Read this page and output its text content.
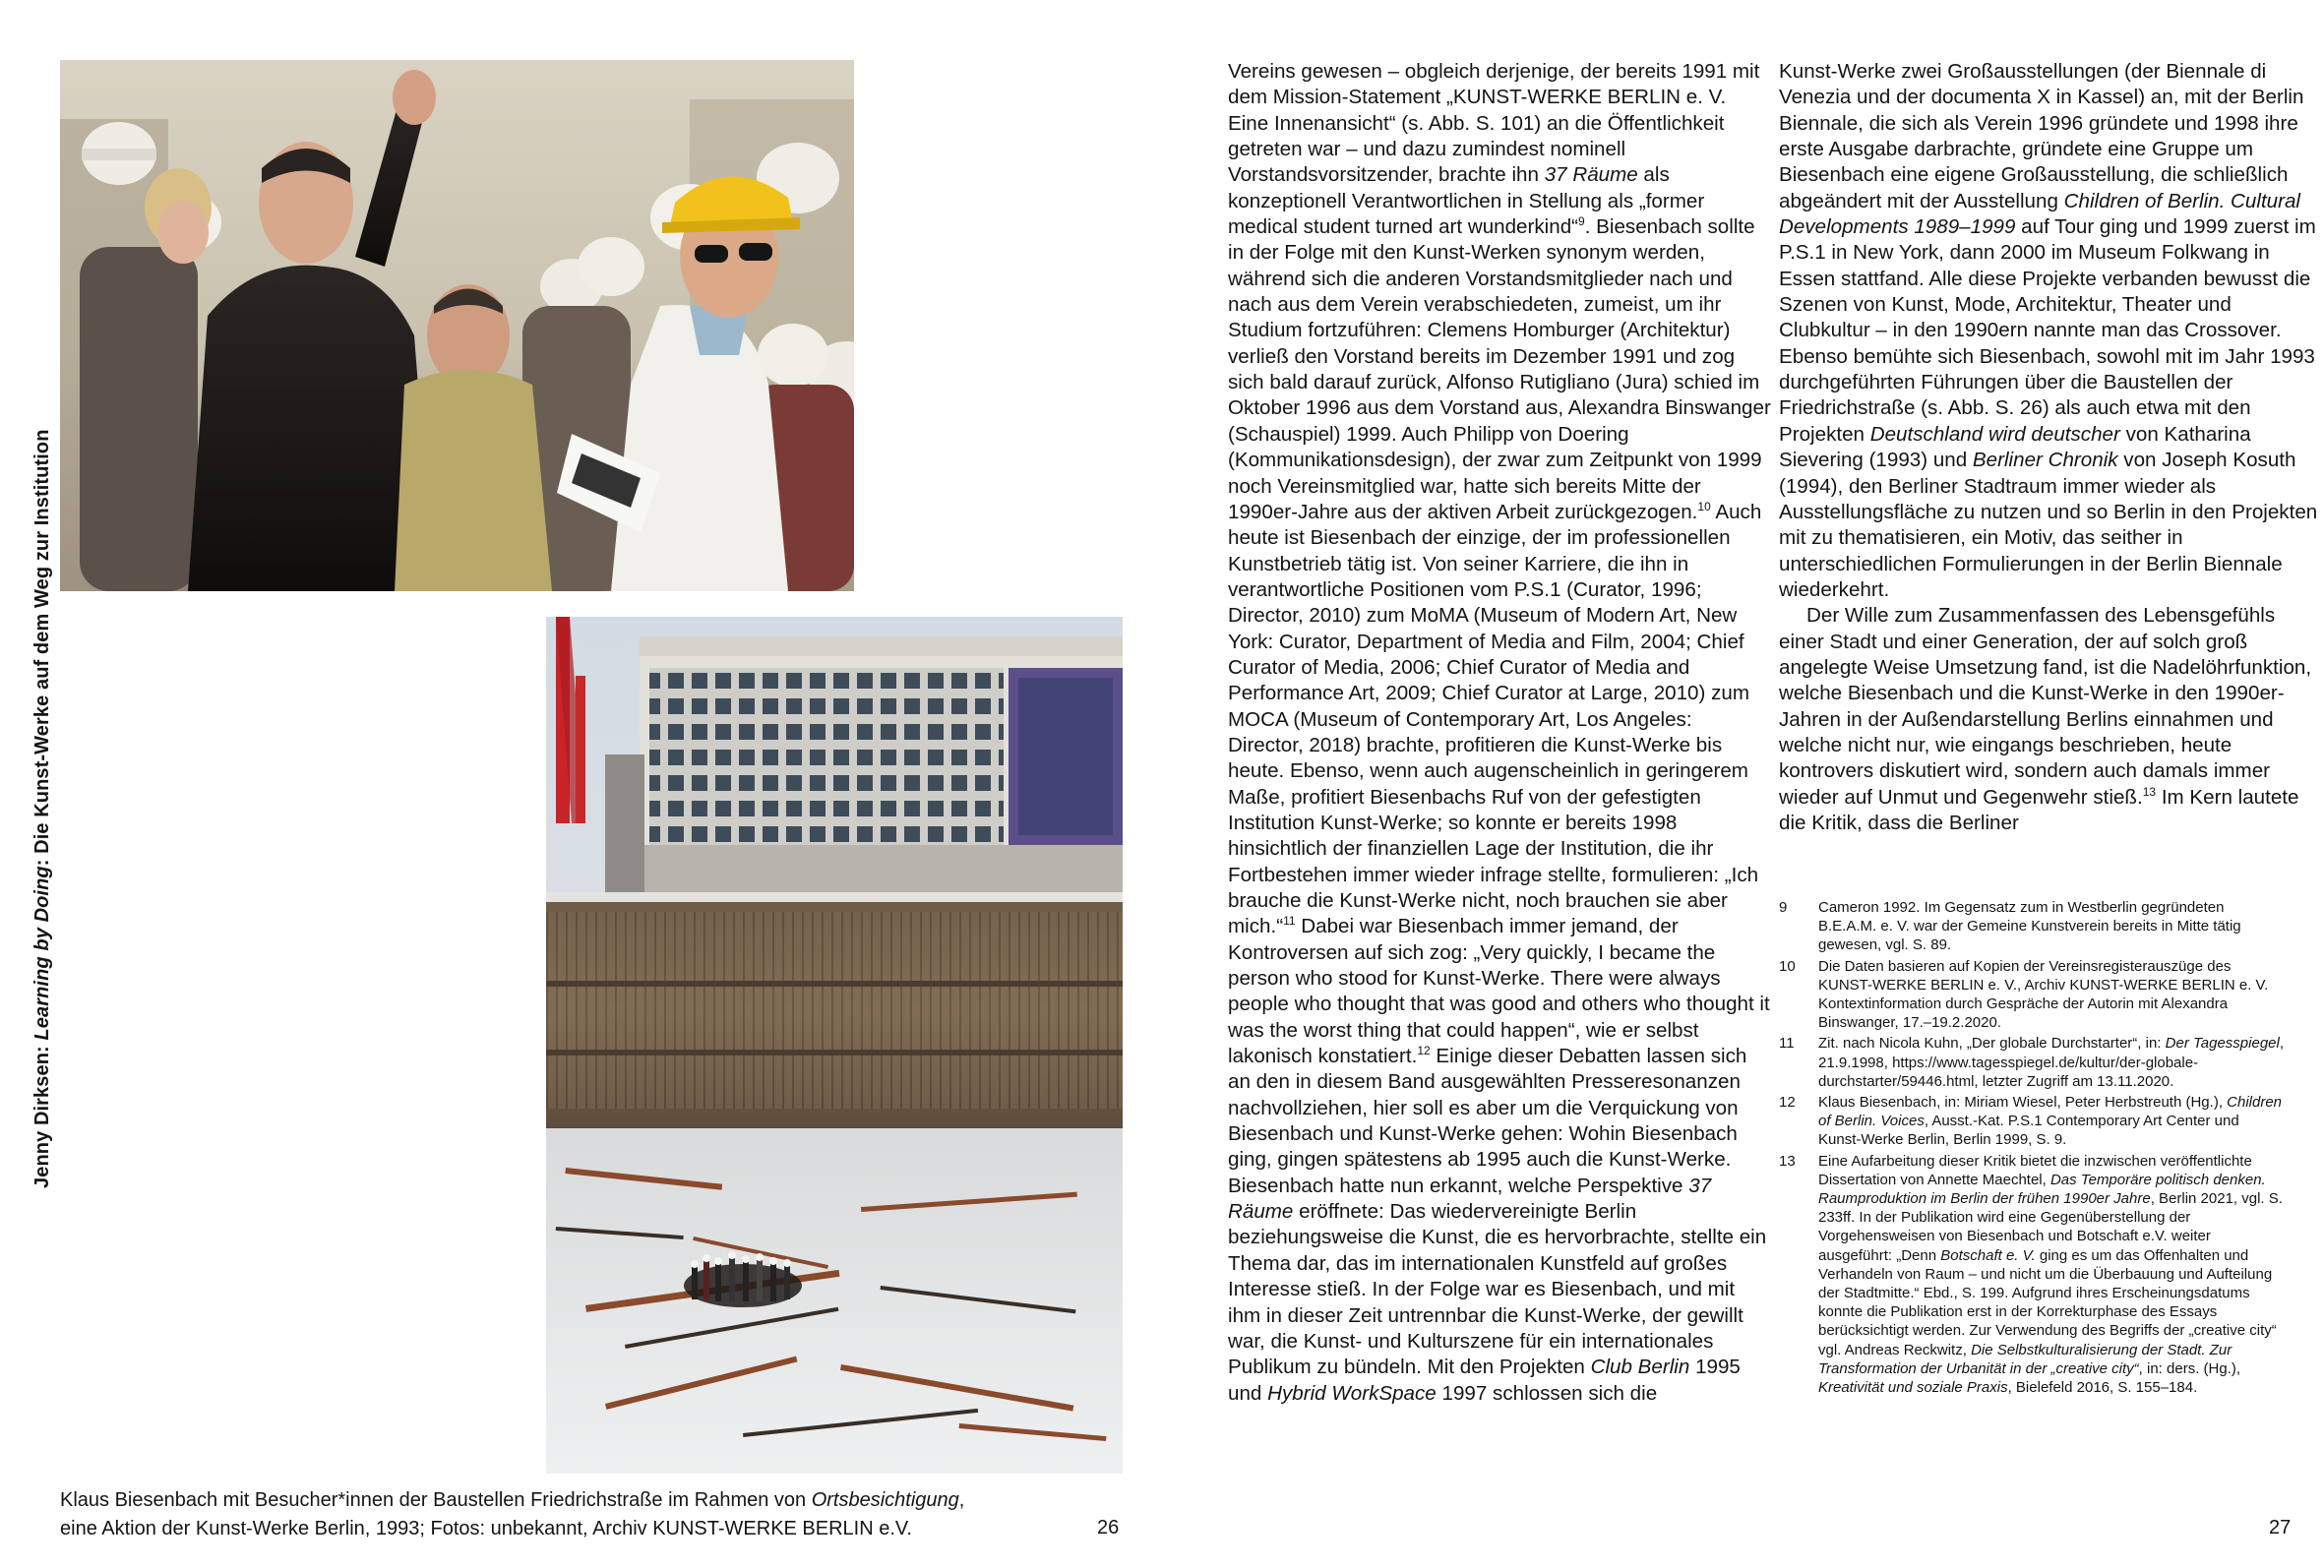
Jenny Dirksen: Learning by Doing: Die Kunst-Werke auf dem Weg zur Institution
Klaus Biesenbach mit Besucher*innen der Baustellen Friedrichstraße im Rahmen von Ortsbesichtigung,
eine Aktion der Kunst-Werke Berlin, 1993; Fotos: unbekannt, Archiv KUNST-WERKE BERLIN e.V.	26	27
Vereins gewesen – obgleich derjenige, der bereits 1991 mit dem Mission-Statement „KUNST-WERKE BERLIN e. V. Eine Innenansicht“ (s. Abb. S. 101) an die Öffentlichkeit getreten war – und dazu zumindest nominell Vorstandsvorsitzender, brachte ihn 37 Räume als konzeptionell Verantwortlichen in Stellung als „former medical student turned art wunderkind“$^9$. Biesenbach sollte in der Folge mit den Kunst-Werken synonym werden, während sich die anderen Vorstandsmitglieder nach und nach aus dem Verein verabschiedeten, zumeist, um ihr Studium fortzuführen: Clemens Homburger (Architektur) verließ den Vorstand bereits im Dezember 1991 und zog sich bald darauf zurück, Alfonso Rutigliano (Jura) schied im Oktober 1996 aus dem Vorstand aus, Alexandra Binswanger (Schauspiel) 1999. Auch Philipp von Doering (Kommunikationsdesign), der zwar zum Zeitpunkt von 1999 noch Vereinsmitglied war, hatte sich bereits Mitte der 1990er-Jahre aus der aktiven Arbeit zurückgezogen.$^{10}$ Auch heute ist Biesenbach der einzige, der im professionellen Kunstbetrieb tätig ist. Von seiner Karriere, die ihn in verantwortliche Positionen vom P.S.1 (Curator, 1996; Director, 2010) zum MoMA (Museum of Modern Art, New York: Curator, Department of Media and Film, 2004; Chief Curator of Media, 2006; Chief Curator of Media and Performance Art, 2009; Chief Curator at Large, 2010) zum MOCA (Museum of Contemporary Art, Los Angeles: Director, 2018) brachte, profitieren die Kunst-Werke bis heute. Ebenso, wenn auch augenscheinlich in geringerem Maße, profitiert Biesenbachs Ruf von der gefestigten Institution Kunst-Werke; so konnte er bereits 1998 hinsichtlich der finanziellen Lage der Institution, die ihr Fortbestehen immer wieder infrage stellte, formulieren: „Ich brauche die Kunst-Werke nicht, noch brauchen sie aber mich.“$^{11}$ Dabei war Biesenbach immer jemand, der Kontroversen auf sich zog: „Very quickly, I became the person who stood for Kunst-Werke. There were always people who thought that was good and others who thought it was the worst thing that could happen“, wie er selbst lakonisch konstatiert.$^{12}$ Einige dieser Debatten lassen sich an den in diesem Band ausgewählten Presseresonanzen nachvollziehen, hier soll es aber um die Verquickung von Biesenbach und Kunst-Werke gehen: Wohin Biesenbach ging, gingen spätestens ab 1995 auch die Kunst-Werke. Biesenbach hatte nun erkannt, welche Perspektive 37 Räume eröffnete: Das wiedervereinigte Berlin beziehungsweise die Kunst, die es hervorbrachte, stellte ein Thema dar, das im internationalen Kunstfeld auf großes Interesse stieß. In der Folge war es Biesenbach, und mit ihm in dieser Zeit untrennbar die Kunst-Werke, der gewillt war, die Kunst- und Kulturszene für ein internationales Publikum zu bündeln. Mit den Projekten Club Berlin 1995 und Hybrid WorkSpace 1997 schlossen sich die
Kunst-Werke zwei Großausstellungen (der Biennale di Venezia und der documenta X in Kassel) an, mit der Berlin Biennale, die sich als Verein 1996 gründete und 1998 ihre erste Ausgabe darbrachte, gründete eine Gruppe um Biesenbach eine eigene Großausstellung, die schließlich abgeändert mit der Ausstellung Children of Berlin. Cultural Developments 1989–1999 auf Tour ging und 1999 zuerst im P.S.1 in New York, dann 2000 im Museum Folkwang in Essen stattfand. Alle diese Projekte verbanden bewusst die Szenen von Kunst, Mode, Architektur, Theater und Clubkultur – in den 1990ern nannte man das Crossover. Ebenso bemühte sich Biesenbach, sowohl mit im Jahr 1993 durchgeführten Führungen über die Baustellen der Friedrichstraße (s. Abb. S. 26) als auch etwa mit den Projekten Deutschland wird deutscher von Katharina Sievering (1993) und Berliner Chronik von Joseph Kosuth (1994), den Berliner Stadtraum immer wieder als Ausstellungsfläche zu nutzen und so Berlin in den Projekten mit zu thematisieren, ein Motiv, das seither in unterschiedlichen Formulierungen in der Berlin Biennale wiederkehrt.
Der Wille zum Zusammenfassen des Lebensgefühls einer Stadt und einer Generation, der auf solch groß angelegte Weise Umsetzung fand, ist die Nadelöhrfunktion, welche Biesenbach und die Kunst-Werke in den 1990er-Jahren in der Außendarstellung Berlins einnahmen und welche nicht nur, wie eingangs beschrieben, heute kontrovers diskutiert wird, sondern auch damals immer wieder auf Unmut und Gegenwehr stieß.$^{13}$ Im Kern lautete die Kritik, dass die Berliner
9	Cameron 1992. Im Gegensatz zum in Westberlin gegründeten B.E.A.M. e. V. war der Gemeine Kunstverein bereits in Mitte tätig gewesen, vgl. S. 89.
10	Die Daten basieren auf Kopien der Vereinsregisterauszüge des KUNST-WERKE BERLIN e. V., Archiv KUNST-WERKE BERLIN e. V. Kontextinformation durch Gespräche der Autorin mit Alexandra Binswanger, 17.–19.2.2020.
11	Zit. nach Nicola Kuhn, „Der globale Durchstarter“, in: Der Tagesspiegel, 21.9.1998, https://www.tagesspiegel.de/kultur/der-globale-durchstarter/59446.html, letzter Zugriff am 13.11.2020.
12	Klaus Biesenbach, in: Miriam Wiesel, Peter Herbstreuth (Hg.), Children of Berlin. Voices, Ausst.-Kat. P.S.1 Contemporary Art Center und Kunst-Werke Berlin, Berlin 1999, S. 9.
13	Eine Aufarbeitung dieser Kritik bietet die inzwischen veröffentlichte Dissertation von Annette Maechtel, Das Temporäre politisch denken. Raumproduktion im Berlin der frühen 1990er Jahre, Berlin 2021, vgl. S. 233ff. In der Publikation wird eine Gegenüberstellung der Vorgehensweisen von Biesenbach und Botschaft e.V. weiter ausgeführt: „Denn Botschaft e. V. ging es um das Offenhalten und Verhandeln von Raum – und nicht um die Überbauung und Aufteilung der Stadtmitte.“ Ebd., S. 199. Aufgrund ihres Erscheinungsdatums konnte die Publikation erst in der Korrekturphase des Essays berücksichtigt werden. Zur Verwendung des Begriffs der „creative city“ vgl. Andreas Reckwitz, Die Selbstkulturalisierung der Stadt. Zur Transformation der Urbanität in der „creative city“, in: ders. (Hg.), Kreativität und soziale Praxis, Bielefeld 2016, S. 155–184.
